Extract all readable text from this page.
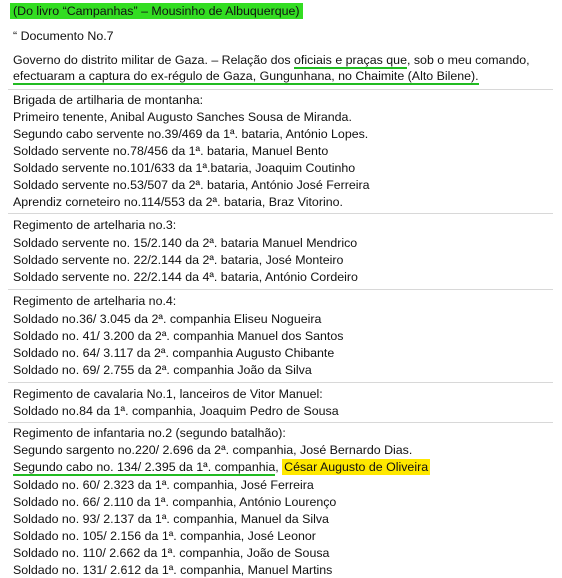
(Do livro “Campanhas” – Mousinho de Albuquerque)
“ Documento No.7
Governo do distrito militar de Gaza. – Relação dos oficiais e praças que, sob o meu comando,
efectuaram a captura do ex-régulo de Gaza, Gungunhana, no Chaimite (Alto Bilene).
Brigada de artilharia de montanha:
Primeiro tenente, Anibal Augusto Sanches Sousa de Miranda.
Segundo cabo servente no.39/469 da 1ª. bataria, António Lopes.
Soldado servente no.78/456 da 1ª. bataria, Manuel Bento
Soldado servente no.101/633 da 1ª.bataria, Joaquim Coutinho
Soldado servente no.53/507 da 2ª. bataria, António José Ferreira
Aprendiz corneteiro no.114/553 da 2ª. bataria, Braz Vitorino.
Regimento de artelharia no.3:
Soldado servente no. 15/2.140 da 2ª. bataria Manuel Mendrico
Soldado servente no. 22/2.144 da 2ª. bataria, José Monteiro
Soldado servente no. 22/2.144 da 4ª. bataria, António Cordeiro
Regimento de artelharia no.4:
Soldado no.36/ 3.045 da 2ª. companhia Eliseu Nogueira
Soldado no. 41/ 3.200 da 2ª. companhia Manuel dos Santos
Soldado no. 64/ 3.117 da 2ª. companhia Augusto Chibante
Soldado no. 69/ 2.755 da 2ª. companhia João da Silva
Regimento de cavalaria No.1, lanceiros de Vitor Manuel:
Soldado no.84 da 1ª. companhia, Joaquim Pedro de Sousa
Regimento de infantaria no.2 (segundo batalhão):
Segundo sargento no.220/ 2.696 da 2ª. companhia, José Bernardo Dias.
Segundo cabo no. 134/ 2.395 da 1ª. companhia, César Augusto de Oliveira
Soldado no. 60/ 2.323 da 1ª. companhia, José Ferreira
Soldado no. 66/ 2.110 da 1ª. companhia, António Lourenço
Soldado no. 93/ 2.137 da 1ª. companhia, Manuel da Silva
Soldado no. 105/ 2.156 da 1ª. companhia, José Leonor
Soldado no. 110/ 2.662 da 1ª. companhia, João de Sousa
Soldado no. 131/ 2.612 da 1ª. companhia, Manuel Martins
